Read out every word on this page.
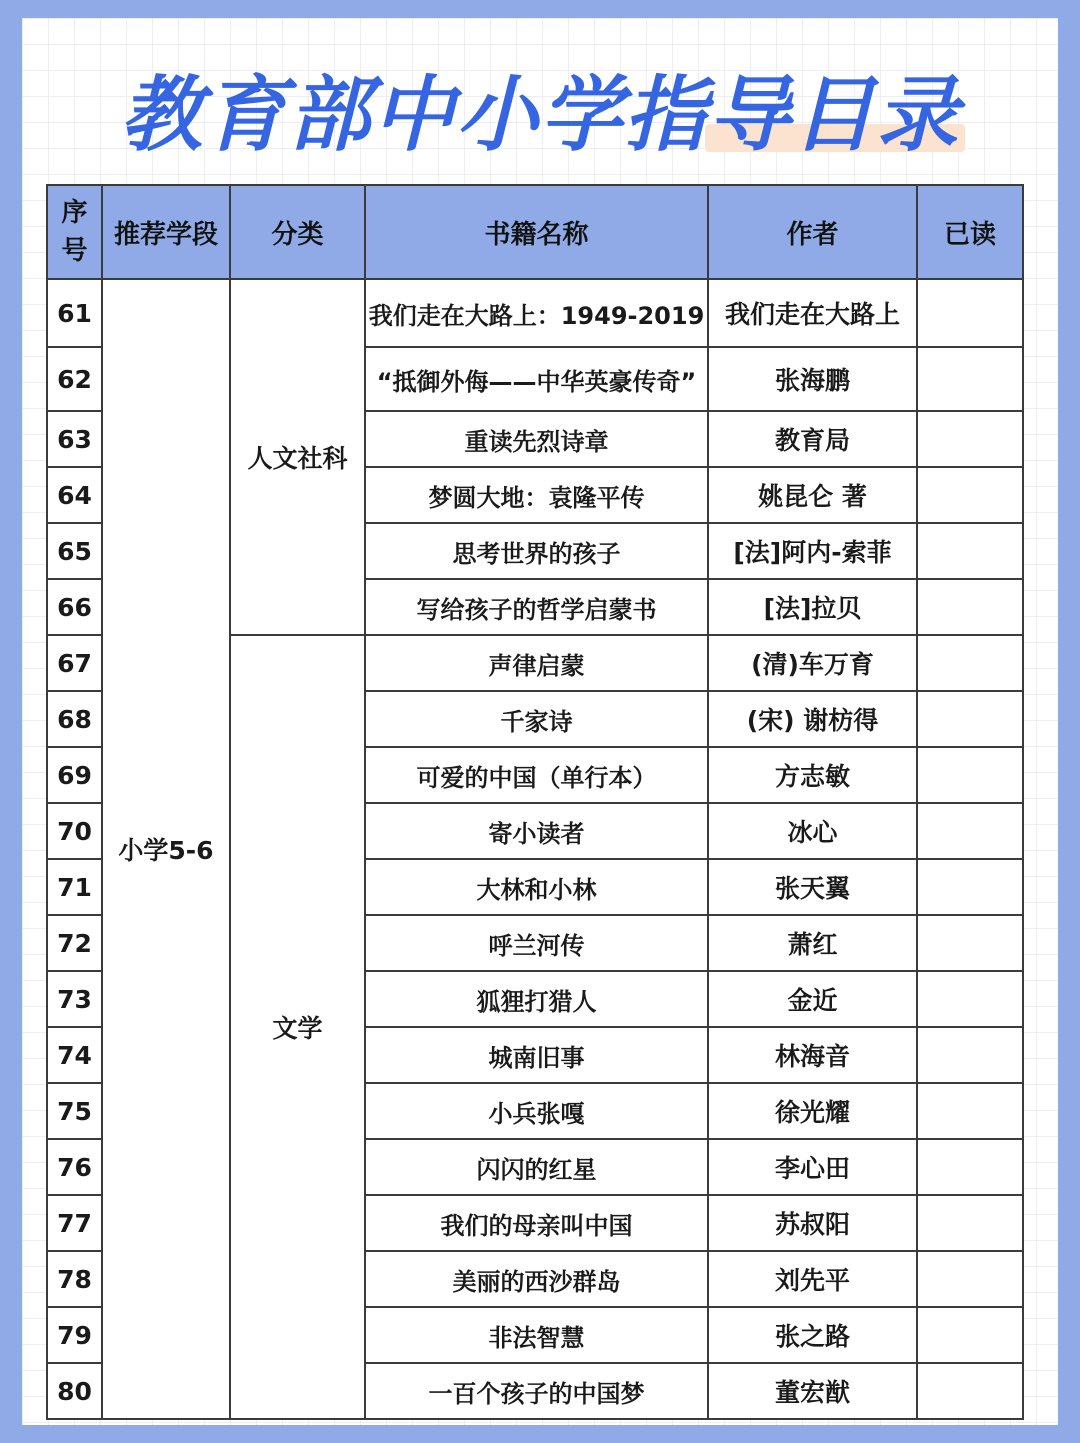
教育部中小学指导目录
序
号	推荐学段	分类	书籍名称	作者	已读
61	小学5-6	人文社科	我们走在大路上：1949-2019	我们走在大路上	
62			“抵御外侮——中华英豪传奇”	张海鹏	
63			重读先烈诗章	教育局	
64			梦圆大地：袁隆平传	姚昆仑 著	
65			思考世界的孩子	[法]阿内-索菲	
66			写给孩子的哲学启蒙书	[法]拉贝	
67		文学	声律启蒙	(清)车万育	
68			千家诗	(宋) 谢枋得	
69			可爱的中国（单行本）	方志敏	
70			寄小读者	冰心	
71			大林和小林	张天翼	
72			呼兰河传	萧红	
73			狐狸打猎人	金近	
74			城南旧事	林海音	
75			小兵张嘎	徐光耀	
76			闪闪的红星	李心田	
77			我们的母亲叫中国	苏叔阳	
78			美丽的西沙群岛	刘先平	
79			非法智慧	张之路	
80			一百个孩子的中国梦	董宏猷	
